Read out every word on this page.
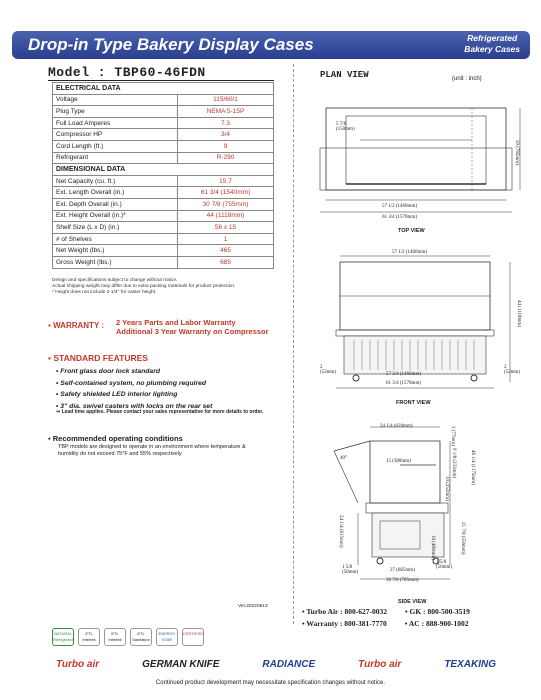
Drop-in Type Bakery Display Cases	Refrigerated
Bakery Cases
Model : TBP60-46FDN
ELECTRICAL DATA	
Voltage	115/60/1
Plug Type	NEMA 5-15P
Full Load Amperes	7.3
Compressor HP	3/4
Cord Length (ft.)	9
Refrigerant	R-290
DIMENSIONAL DATA	
Net Capacity (cu. ft.)	15.7
Ext. Length Overall (in.)	61 3/4 (1540mm)
Ext. Depth Overall (in.)	30 7/8 (755mm)
Ext. Height Overall (in.)*	44 (1118mm)
Shelf Size (L x D) (in.)	56 x 15
# of Shelves	1
Net Weight (lbs.)	465
Gross Weight (lbs.)	685
Design and specifications subject to change without notice.
Actual shipping weight may differ due to extra packing materials for product protection.
* Height does not include 2-1/4" for caster height.
▪ WARRANTY : 2 Years Parts and Labor Warranty
Additional 3 Year Warranty on Compressor
▪ STANDARD FEATURES
• Front glass door lock standard
• Self-contained system, no plumbing required
• Safety shielded LED interior lighting
• 3" dia. swivel casters with locks on the rear set
⇒ Lead time applies. Please contact your sales representative for more details to order.
▪ Recommended operating conditions
TBP models are designed to operate in an environment where temperature & humidity do not exceed 75°F and 55% respectively.
PLAN VIEW	(unit : inch)
5 7/8
(150mm)
30 (765mm)
57 1/2 (1460mm)
61 3/4 (1570mm)
TOP VIEW
57 1/2 (1460mm)
44 (1118mm)
2
(52mm)
2
(52mm)
57 3/4 (1466mm)
61 3/4 (1570mm)
FRONT VIEW
24 1/4 (620mm)	3 (77mm)
15 (380mm)	9 1/8 (233mm)
10 (252mm)
40°
21 7/8 (556mm)
46 1/4 (1175mm)
24 1/4 (615mm)
1 5/8
(50mm)	27 (685mm)
1 5/8
(50mm)
30 7/8 (785mm)
19 (480mm)
SIDE VIEW
Ver.20220613
• Turbo Air : 800-627-0032 • GK : 800-500-3519
• Warranty : 800-381-7770 • AC : 888-900-1002
NATURAL Refrigerant
ETL Intertek
ETL Intertek
ETL Sanitation
ENERGY STAR
CERTIFIED
Turbo air	GERMAN KNIFE	RADIANCE	Turbo air	TEXAKING
Continued product development may necessitate specification changes without notice.
